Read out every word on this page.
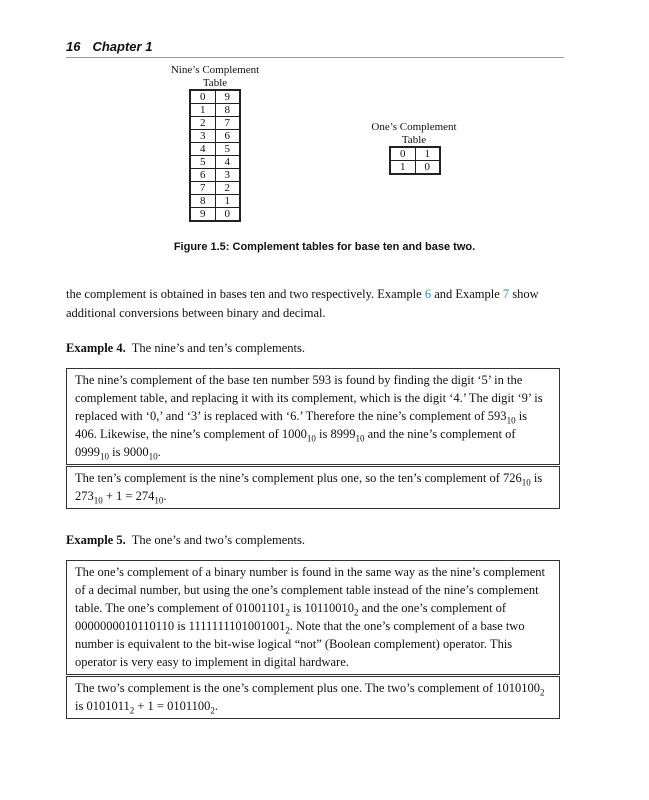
16 Chapter 1
Nine’s Complement
Table
0	9
1	8
2	7
3	6
4	5
5	4
6	3
7	2
8	1
9	0
One’s Complement
Table
0	1
1	0
Figure 1.5: Complement tables for base ten and base two.
the complement is obtained in bases ten and two respectively. Example 6 and Example 7 show additional conversions between binary and decimal.
Example 4. The nine’s and ten’s complements.
The nine’s complement of the base ten number 593 is found by finding the digit ‘5’ in the complement table, and replacing it with its complement, which is the digit ‘4.’ The digit ‘9’ is replaced with ‘0,’ and ‘3’ is replaced with ‘6.’ Therefore the nine’s complement of $593_{10}$ is 406. Likewise, the nine’s complement of $1000_{10}$ is $8999_{10}$ and the nine’s complement of $0999_{10}$ is $9000_{10}$.
The ten’s complement is the nine’s complement plus one, so the ten’s complement of $726_{10}$ is $273_{10} + 1 = 274_{10}$.
Example 5. The one’s and two’s complements.
The one’s complement of a binary number is found in the same way as the nine’s complement of a decimal number, but using the one’s complement table instead of the nine’s complement table. The one’s complement of $01001101_2$ is $10110010_2$ and the one’s complement of 0000000010110110 is $1111111101001001_2$. Note that the one’s complement of a base two number is equivalent to the bit-wise logical “not” (Boolean complement) operator. This operator is very easy to implement in digital hardware.
The two’s complement is the one’s complement plus one. The two’s complement of $1010100_2$ is $0101011_2 + 1 = 0101100_2$.
